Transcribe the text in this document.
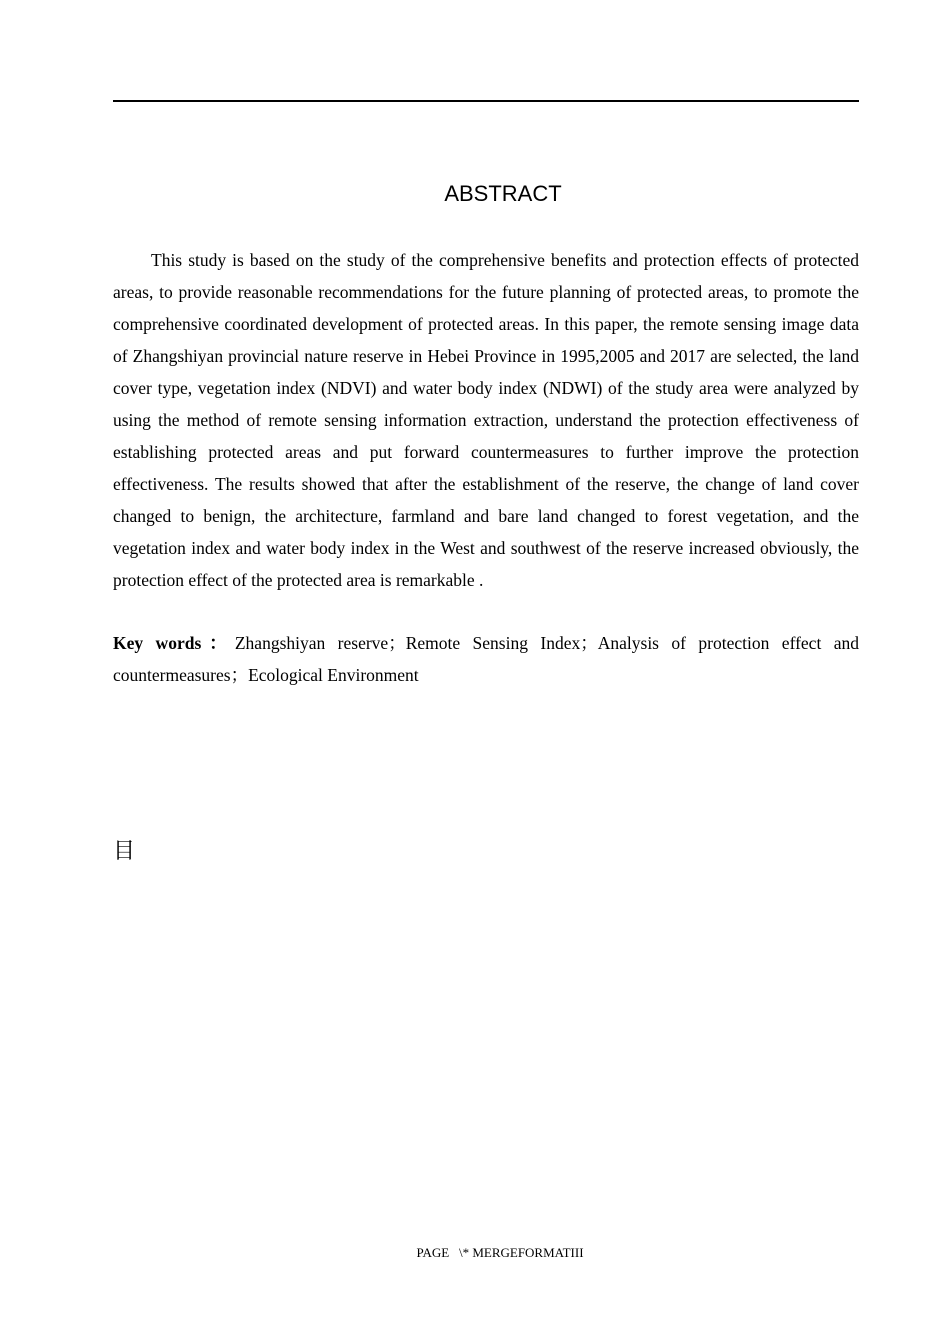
ABSTRACT

This study is based on the study of the comprehensive benefits and protection effects of protected areas, to provide reasonable recommendations for the future planning of protected areas, to promote the comprehensive coordinated development of protected areas. In this paper, the remote sensing image data of Zhangshiyan provincial nature reserve in Hebei Province in 1995,2005 and 2017 are selected, the land cover type, vegetation index (NDVI) and water body index (NDWI) of the study area were analyzed by using the method of remote sensing information extraction, understand the protection effectiveness of establishing protected areas and put forward countermeasures to further improve the protection effectiveness. The results showed that after the establishment of the reserve, the change of land cover changed to benign, the architecture, farmland and bare land changed to forest vegetation, and the vegetation index and water body index in the West and southwest of the reserve increased obviously, the protection effect of the protected area is remarkable .

Key words：Zhangshiyan reserve；Remote Sensing Index；Analysis of protection effect and countermeasures；Ecological Environment

目
PAGE   \* MERGEFORMATIII
